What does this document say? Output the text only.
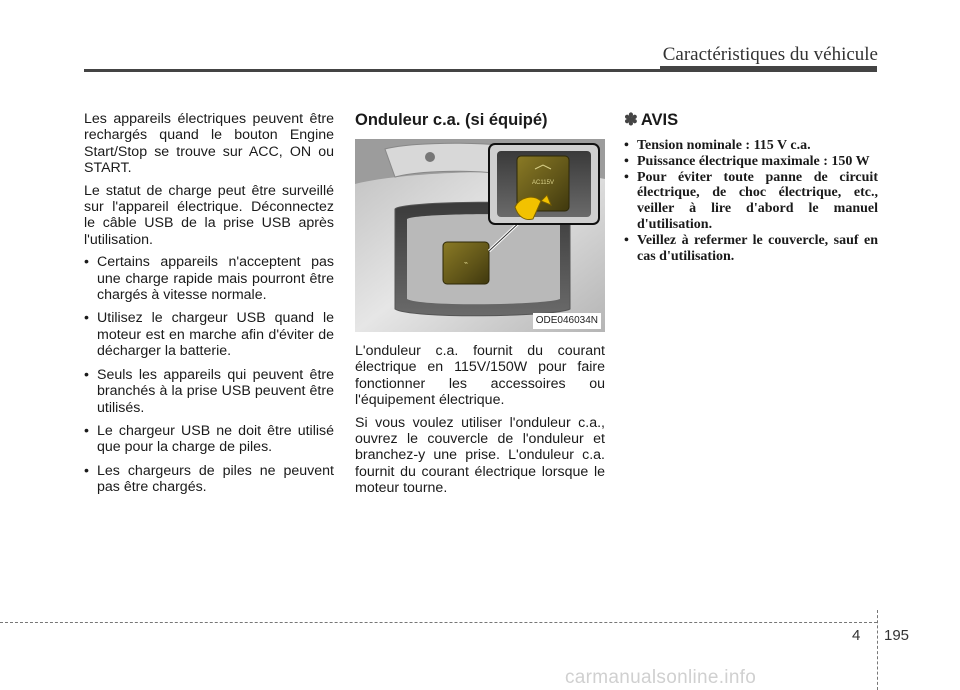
Caractéristiques du véhicule

Les appareils électriques peuvent être rechargés quand le bouton Engine Start/Stop se trouve sur ACC, ON ou START.

Le statut de charge peut être surveillé sur l'appareil électrique. Déconnectez le câble USB de la prise USB après l'utilisation.

• Certains appareils n'acceptent pas une charge rapide mais pourront être chargés à vitesse normale.
• Utilisez le chargeur USB quand le moteur est en marche afin d'éviter de décharger la batterie.
• Seuls les appareils qui peuvent être branchés à la prise USB peuvent être utilisés.
• Le chargeur USB ne doit être utilisé que pour la charge de piles.
• Les chargeurs de piles ne peuvent pas être chargés.
Onduleur c.a. (si équipé)
⌁
AC115V
ODE046034N

L'onduleur c.a. fournit du courant électrique en 115V/150W pour faire fonctionner les accessoires ou l'équipement électrique.

Si vous voulez utiliser l'onduleur c.a., ouvrez le couvercle de l'onduleur et branchez-y une prise. L'onduleur c.a. fournit du courant électrique lorsque le moteur tourne.

✽ AVIS
• Tension nominale : 115 V c.a.
• Puissance électrique maximale : 150 W
• Pour éviter toute panne de circuit électrique, de choc électrique, etc., veiller à lire d'abord le manuel d'utilisation.
• Veillez à refermer le couvercle, sauf en cas d'utilisation.
4 195
carmanualsonline.info
